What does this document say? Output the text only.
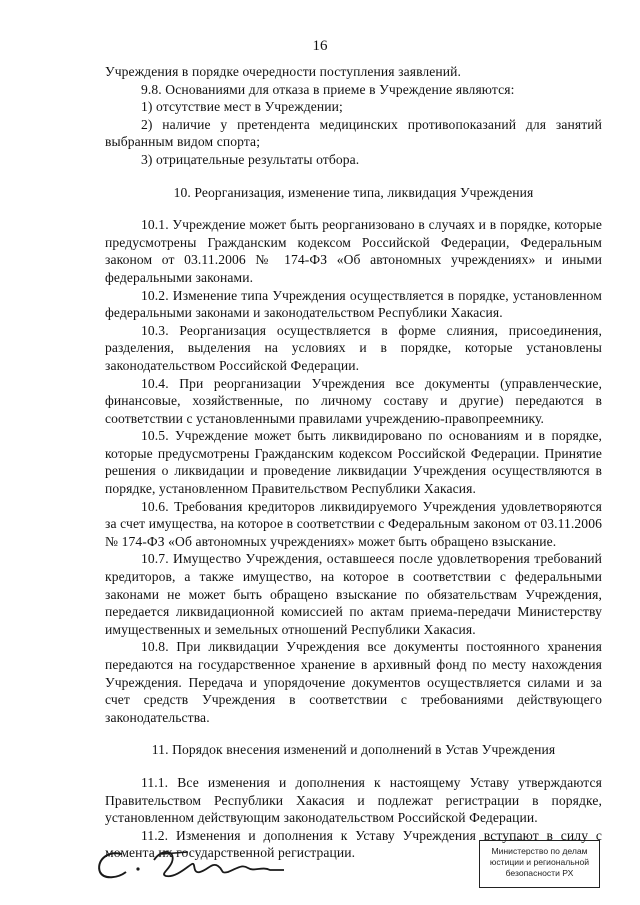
16

Учреждения в порядке очередности поступления заявлений.

9.8. Основаниями для отказа в приеме в Учреждение являются:

1) отсутствие мест в Учреждении;

2) наличие у претендента медицинских противопоказаний для занятий выбранным видом спорта;

3) отрицательные результаты отбора.

10. Реорганизация, изменение типа, ликвидация Учреждения

10.1. Учреждение может быть реорганизовано в случаях и в порядке, которые предусмотрены Гражданским кодексом Российской Федерации, Федеральным законом от 03.11.2006 № 174-ФЗ «Об автономных учреждениях» и иными федеральными законами.

10.2. Изменение типа Учреждения осуществляется в порядке, установленном федеральными законами и законодательством Республики Хакасия.

10.3. Реорганизация осуществляется в форме слияния, присоединения, разделения, выделения на условиях и в порядке, которые установлены законодательством Российской Федерации.

10.4. При реорганизации Учреждения все документы (управленческие, финансовые, хозяйственные, по личному составу и другие) передаются в соответствии с установленными правилами учреждению-правопреемнику.

10.5. Учреждение может быть ликвидировано по основаниям и в порядке, которые предусмотрены Гражданским кодексом Российской Федерации. Принятие решения о ликвидации и проведение ликвидации Учреждения осуществляются в порядке, установленном Правительством Республики Хакасия.

10.6. Требования кредиторов ликвидируемого Учреждения удовлетворяются за счет имущества, на которое в соответствии с Федеральным законом от 03.11.2006 № 174-ФЗ «Об автономных учреждениях» может быть обращено взыскание.

10.7. Имущество Учреждения, оставшееся после удовлетворения требований кредиторов, а также имущество, на которое в соответствии с федеральными законами не может быть обращено взыскание по обязательствам Учреждения, передается ликвидационной комиссией по актам приема-передачи Министерству имущественных и земельных отношений Республики Хакасия.

10.8. При ликвидации Учреждения все документы постоянного хранения передаются на государственное хранение в архивный фонд по месту нахождения Учреждения. Передача и упорядочение документов осуществляется силами и за счет средств Учреждения в соответствии с требованиями действующего законодательства.

11. Порядок внесения изменений и дополнений в Устав Учреждения

11.1. Все изменения и дополнения к настоящему Уставу утверждаются Правительством Республики Хакасия и подлежат регистрации в порядке, установленном действующим законодательством Российской Федерации.

11.2. Изменения и дополнения к Уставу Учреждения вступают в силу с момента их государственной регистрации.	Министерство по делам
юстиции и региональной
безопасности РХ
